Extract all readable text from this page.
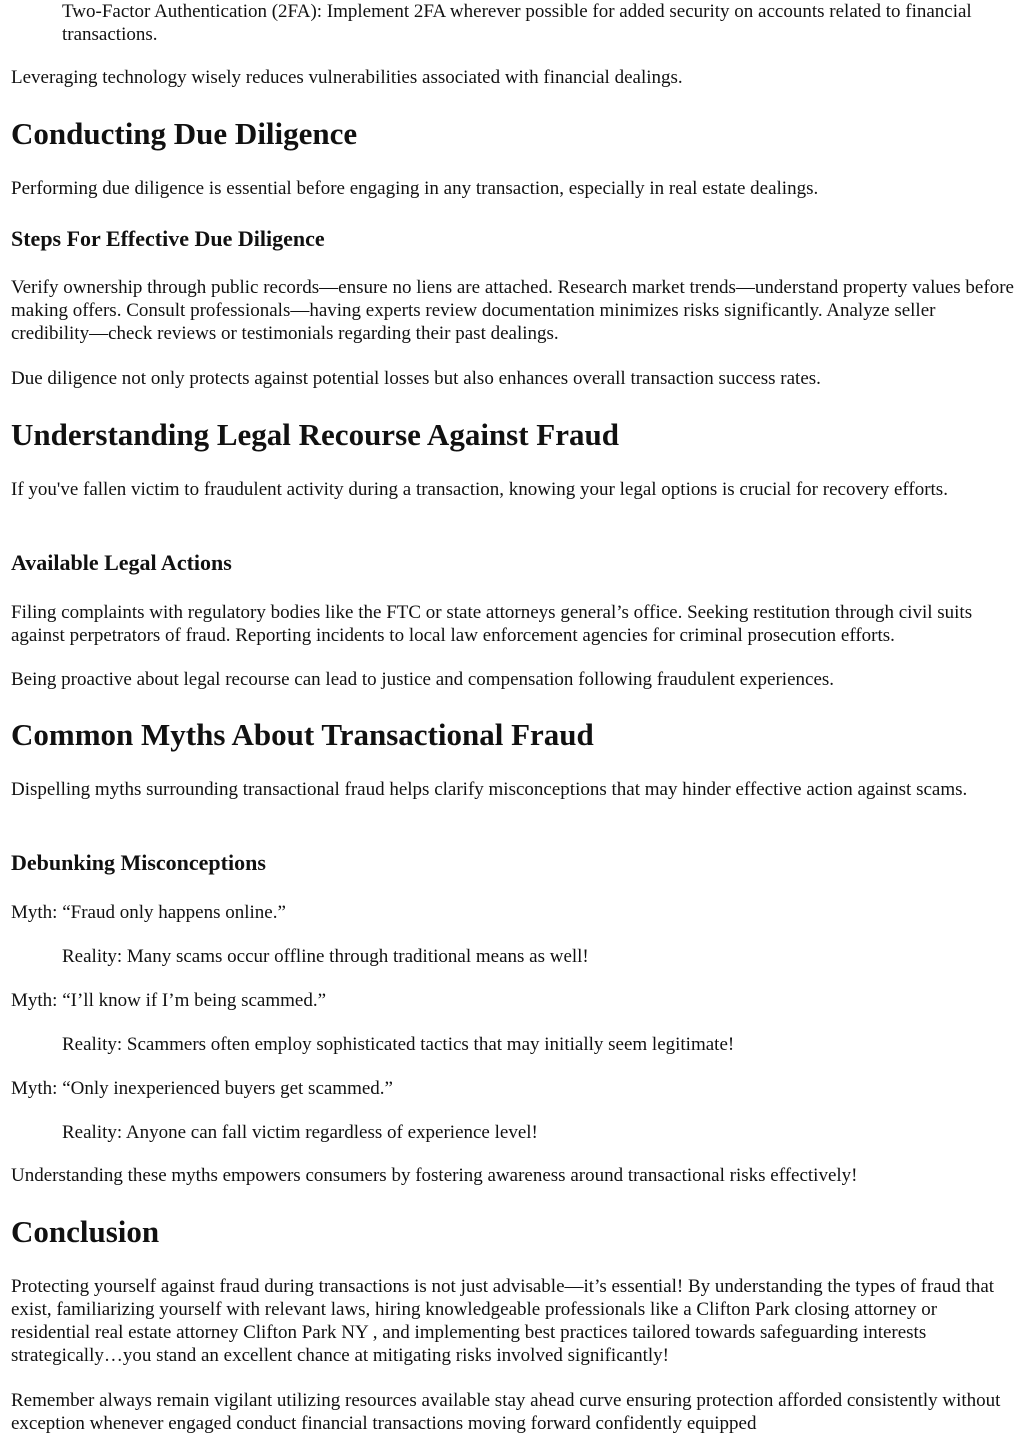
Two-Factor Authentication (2FA): Implement 2FA wherever possible for added security on accounts related to financial transactions.

Leveraging technology wisely reduces vulnerabilities associated with financial dealings.

Conducting Due Diligence

Performing due diligence is essential before engaging in any transaction, especially in real estate dealings.

Steps For Effective Due Diligence

Verify ownership through public records—ensure no liens are attached. Research market trends—understand property values before making offers. Consult professionals—having experts review documentation minimizes risks significantly. Analyze seller credibility—check reviews or testimonials regarding their past dealings.

Due diligence not only protects against potential losses but also enhances overall transaction success rates.

Understanding Legal Recourse Against Fraud

If you've fallen victim to fraudulent activity during a transaction, knowing your legal options is crucial for recovery efforts.

Available Legal Actions

Filing complaints with regulatory bodies like the FTC or state attorneys general’s office. Seeking restitution through civil suits against perpetrators of fraud. Reporting incidents to local law enforcement agencies for criminal prosecution efforts.

Being proactive about legal recourse can lead to justice and compensation following fraudulent experiences.

Common Myths About Transactional Fraud

Dispelling myths surrounding transactional fraud helps clarify misconceptions that may hinder effective action against scams.

Debunking Misconceptions

Myth: “Fraud only happens online.”

Reality: Many scams occur offline through traditional means as well!

Myth: “I’ll know if I’m being scammed.”

Reality: Scammers often employ sophisticated tactics that may initially seem legitimate!

Myth: “Only inexperienced buyers get scammed.”

Reality: Anyone can fall victim regardless of experience level!

Understanding these myths empowers consumers by fostering awareness around transactional risks effectively!

Conclusion

Protecting yourself against fraud during transactions is not just advisable—it’s essential! By understanding the types of fraud that exist, familiarizing yourself with relevant laws, hiring knowledgeable professionals like a Clifton Park closing attorney or residential real estate attorney Clifton Park NY , and implementing best practices tailored towards safeguarding interests strategically…you stand an excellent chance at mitigating risks involved significantly!

Remember always remain vigilant utilizing resources available stay ahead curve ensuring protection afforded consistently without exception whenever engaged conduct financial transactions moving forward confidently equipped
